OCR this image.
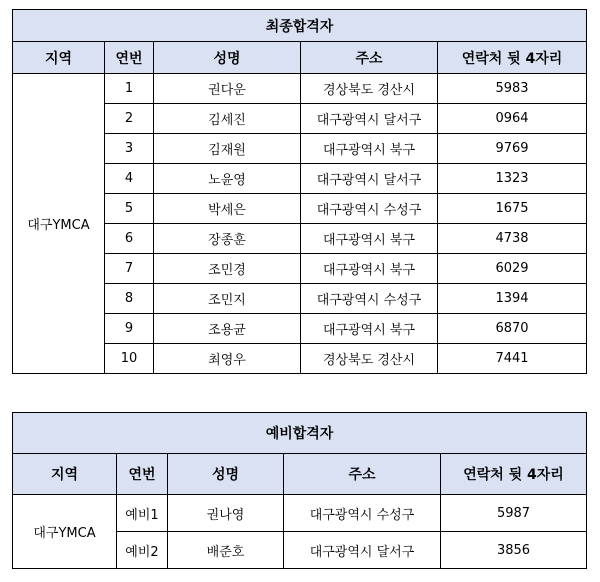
최종합격자				
지역	연번	성명	주소	연락처 뒷 4자리
대구YMCA	1	권다운	경상북도 경산시	5983
	2	김세진	대구광역시 달서구	0964
	3	김재원	대구광역시 북구	9769
	4	노윤영	대구광역시 달서구	1323
	5	박세은	대구광역시 수성구	1675
	6	장종훈	대구광역시 북구	4738
	7	조민경	대구광역시 북구	6029
	8	조민지	대구광역시 수성구	1394
	9	조용균	대구광역시 북구	6870
	10	최영우	경상북도 경산시	7441
예비합격자				
지역	연번	성명	주소	연락처 뒷 4자리
대구YMCA	예비1	권나영	대구광역시 수성구	5987
	예비2	배준호	대구광역시 달서구	3856
